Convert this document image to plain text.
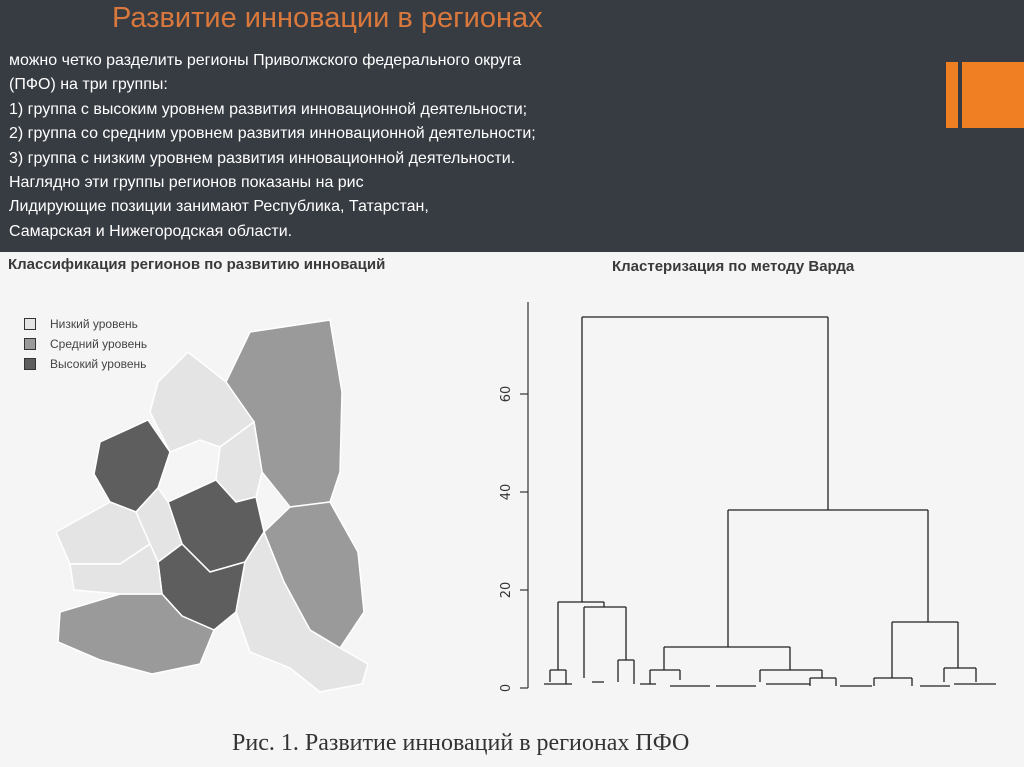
Развитие инновации в регионах
можно четко разделить регионы Приволжского федерального округа
(ПФО) на три группы:
1) группа с высоким уровнем развития инновационной деятельности;
2) группа со средним уровнем развития инновационной деятельности;
3) группа с низким уровнем развития инновационной деятельности.
Наглядно эти группы регионов показаны на рис
Лидирующие позиции занимают Республика, Татарстан,
Самарская и Нижегородская области.
Классификация регионов по развитию инноваций	Кластеризация по методу Варда
Низкий уровень
Средний уровень
Высокий уровень
0
20
40
60
Рис. 1. Развитие инноваций в регионах ПФО
